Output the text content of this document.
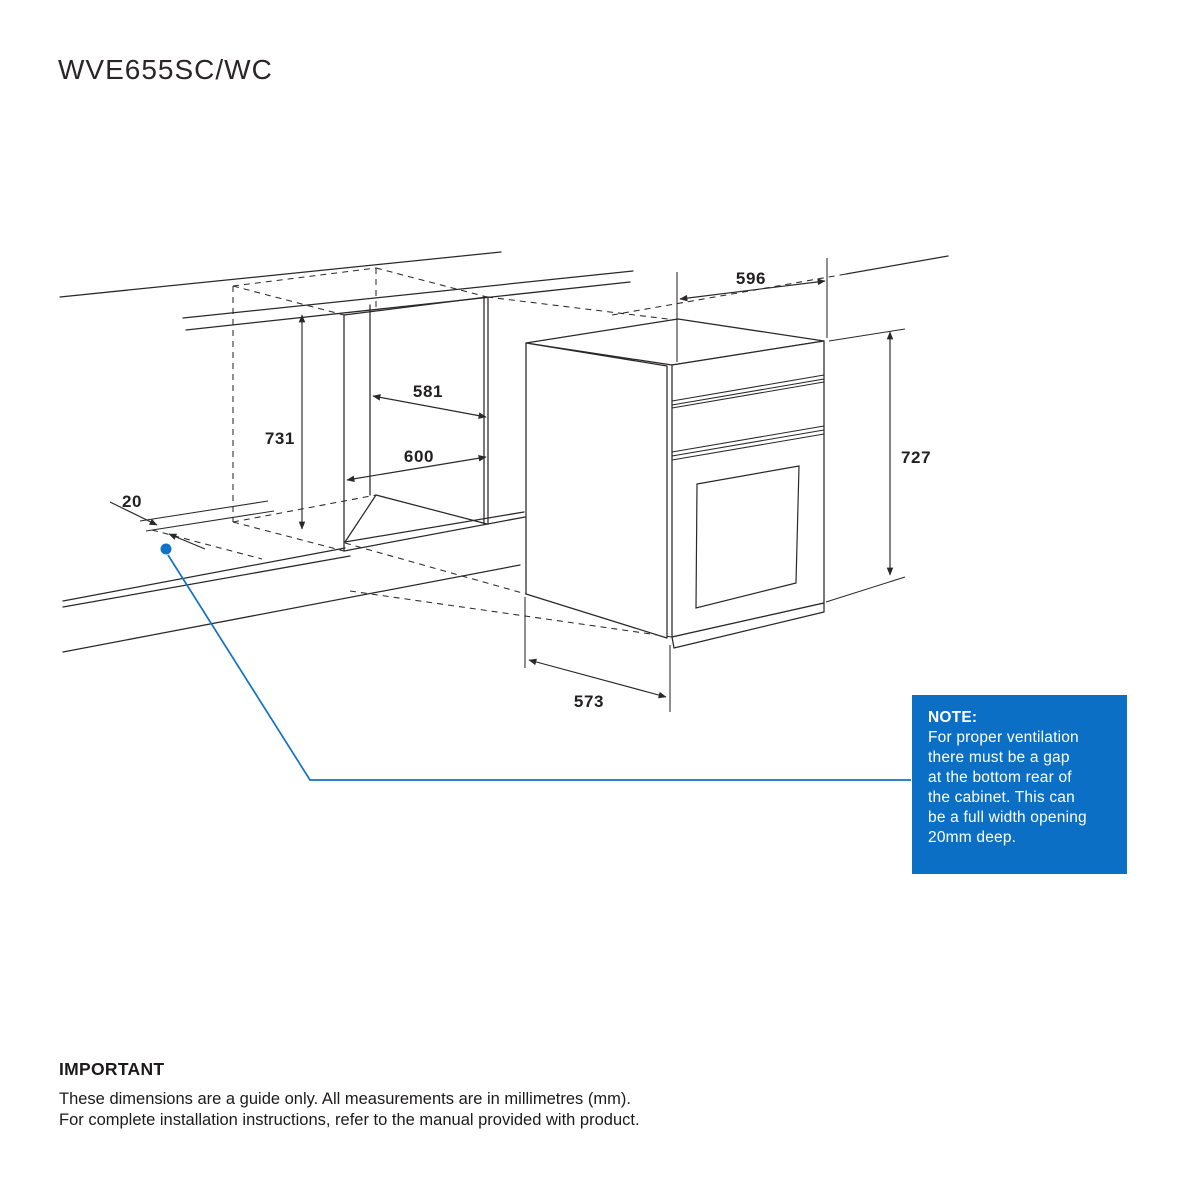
WVE655SC/WC
596
727
731
581
600
573
20
NOTE:
For proper ventilation
there must be a gap
at the bottom rear of
the cabinet. This can
be a full width opening
20mm deep.
IMPORTANT
These dimensions are a guide only. All measurements are in millimetres (mm).
For complete installation instructions, refer to the manual provided with product.
